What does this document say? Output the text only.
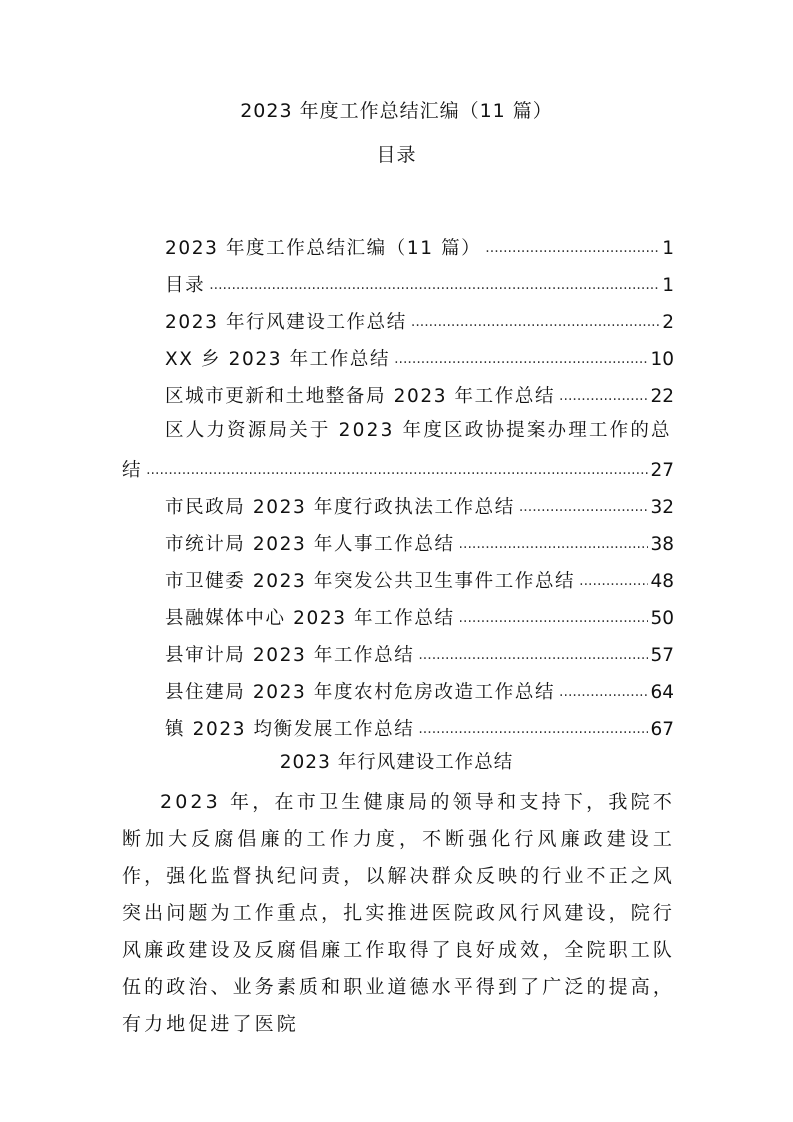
2023 年度工作总结汇编（11 篇）
目录
2023 年度工作总结汇编（11 篇） .....	1
目录 .....	1
2023 年行风建设工作总结 .....	2
XX 乡 2023 年工作总结 .....	10
区城市更新和土地整备局 2023 年工作总结 .....	22
区人力资源局关于 2023 年度区政协提案办理工作的总
结 .....	27
市民政局 2023 年度行政执法工作总结 .....	32
市统计局 2023 年人事工作总结 .....	38
市卫健委 2023 年突发公共卫生事件工作总结 .....	48
县融媒体中心 2023 年工作总结 .....	50
县审计局 2023 年工作总结 .....	57
县住建局 2023 年度农村危房改造工作总结 .....	64
镇 2023 均衡发展工作总结 .....	67
2023 年行风建设工作总结
2023 年，在市卫生健康局的领导和支持下，我院不断加大反腐倡廉的工作力度，不断强化行风廉政建设工作，强化监督执纪问责，以解决群众反映的行业不正之风突出问题为工作重点，扎实推进医院政风行风建设，院行风廉政建设及反腐倡廉工作取得了良好成效，全院职工队伍的政治、业务素质和职业道德水平得到了广泛的提高，有力地促进了医院
